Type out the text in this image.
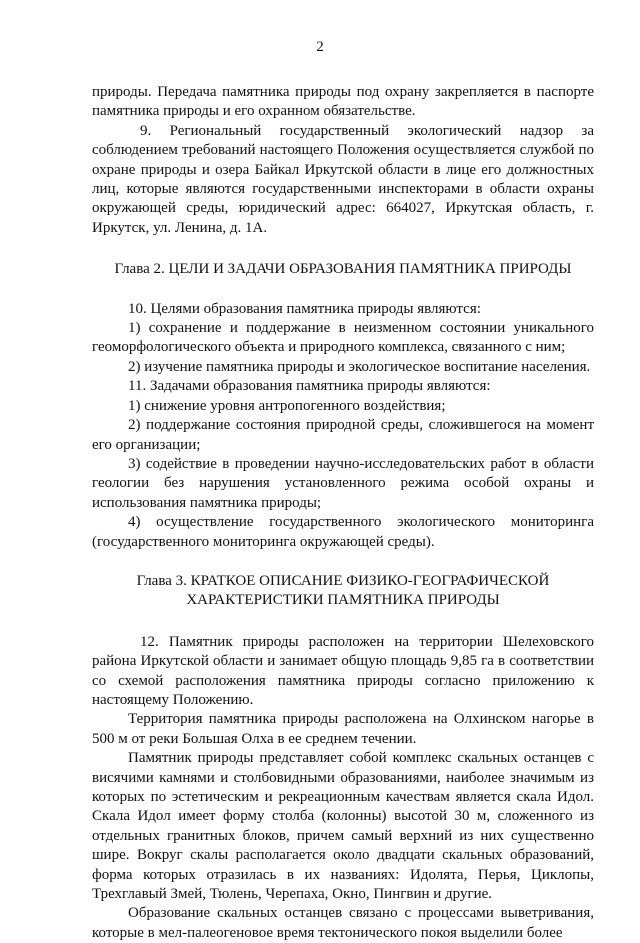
2

природы. Передача памятника природы под охрану закрепляется в паспорте памятника природы и его охранном обязательстве.

9. Региональный государственный экологический надзор за соблюдением требований настоящего Положения осуществляется службой по охране природы и озера Байкал Иркутской области в лице его должностных лиц, которые являются государственными инспекторами в области охраны окружающей среды, юридический адрес: 664027, Иркутская область, г. Иркутск, ул. Ленина, д. 1А.

Глава 2. ЦЕЛИ И ЗАДАЧИ ОБРАЗОВАНИЯ ПАМЯТНИКА ПРИРОДЫ

10. Целями образования памятника природы являются:

1) сохранение и поддержание в неизменном состоянии уникального геоморфологического объекта и природного комплекса, связанного с ним;

2) изучение памятника природы и экологическое воспитание населения.

11. Задачами образования памятника природы являются:

1) снижение уровня антропогенного воздействия;

2) поддержание состояния природной среды, сложившегося на момент его организации;

3) содействие в проведении научно-исследовательских работ в области геологии без нарушения установленного режима особой охраны и использования памятника природы;

4) осуществление государственного экологического мониторинга (государственного мониторинга окружающей среды).

Глава 3. КРАТКОЕ ОПИСАНИЕ ФИЗИКО-ГЕОГРАФИЧЕСКОЙ
ХАРАКТЕРИСТИКИ ПАМЯТНИКА ПРИРОДЫ

12. Памятник природы расположен на территории Шелеховского района Иркутской области и занимает общую площадь 9,85 га в соответствии со схемой расположения памятника природы согласно приложению к настоящему Положению.

Территория памятника природы расположена на Олхинском нагорье в 500 м от реки Большая Олха в ее среднем течении.

Памятник природы представляет собой комплекс скальных останцев с висячими камнями и столбовидными образованиями, наиболее значимым из которых по эстетическим и рекреационным качествам является скала Идол. Скала Идол имеет форму столба (колонны) высотой 30 м, сложенного из отдельных гранитных блоков, причем самый верхний из них существенно шире. Вокруг скалы располагается около двадцати скальных образований, форма которых отразилась в их названиях: Идолята, Перья, Циклопы, Трехглавый Змей, Тюлень, Черепаха, Окно, Пингвин и другие.

Образование скальных останцев связано с процессами выветривания, которые в мел-палеогеновое время тектонического покоя выделили более
